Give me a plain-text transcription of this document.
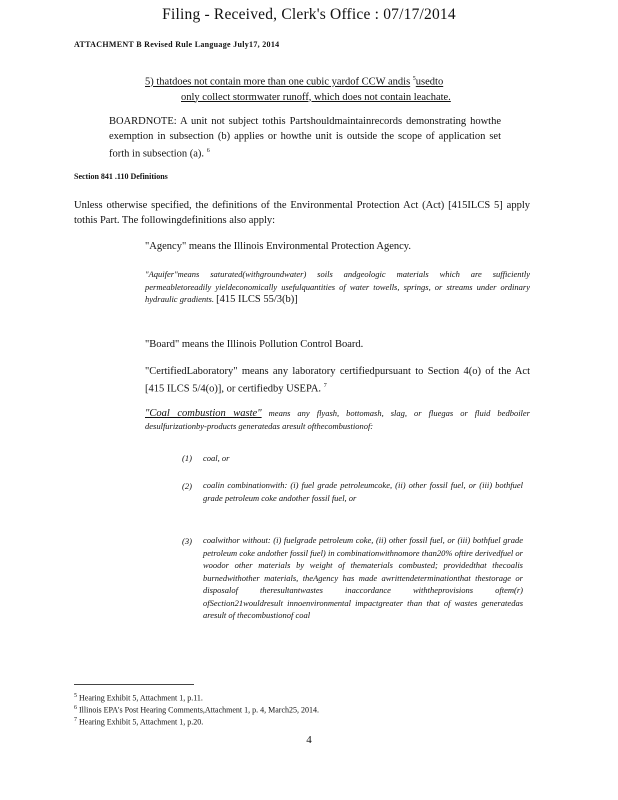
Filing - Received, Clerk's Office : 07/17/2014
ATTACHMENT B Revised Rule Language July17, 2014
5) thatdoes not contain more than one cubic yardof CCW andis $^5$usedto
only collect stormwater runoff, which does not contain leachate.
BOARDNOTE: A unit not subject tothis Partshouldmaintainrecords demonstrating howthe exemption in subsection (b) applies or howthe unit is outside the scope of application set forth in subsection (a). $^6$
Section 841 .110 Definitions
Unless otherwise specified, the definitions of the Environmental Protection Act (Act) [415ILCS 5] apply tothis Part. The followingdefinitions also apply:
"Agency" means the Illinois Environmental Protection Agency.
"Aquifer"means saturated(withgroundwater) soils andgeologic materials which are sufficiently permeabletoreadily yieldeconomically usefulquantities of water towells, springs, or streams under ordinary hydraulic gradients. [415 ILCS 55/3(b)]
"Board" means the Illinois Pollution Control Board.
"CertifiedLaboratory" means any laboratory certifiedpursuant to Section 4(o) of the Act [415 ILCS 5/4(o)], or certifiedby USEPA. $^7$
"Coal combustion waste" means any flyash, bottomash, slag, or fluegas or fluid bedboiler desulfurizationby-products generatedas aresult ofthecombustionof:
(1) coal, or
(2) coalin combinationwith: (i) fuel grade petroleumcoke, (ii) other fossil fuel, or (iii) bothfuel grade petroleum coke andother fossil fuel, or
(3) coalwithor without: (i) fuelgrade petroleum coke, (ii) other fossil fuel, or (iii) bothfuel grade petroleum coke andother fossil fuel) in combinationwithnomore than20% oftire derivedfuel or woodor other materials by weight of thematerials combusted; providedthat thecoalis burnedwithother materials, theAgency has made awrittendeterminationthat thestorage or disposalof theresultantwastes inaccordance withtheprovisions oftem(r) ofSection21wouldresult innoenvironmental impactgreater than that of wastes generatedas aresult of thecombustionof coal
$^5$ Hearing Exhibit 5, Attachment 1, p.11.
$^6$ Illinois EPA's Post Hearing Comments,Attachment 1, p. 4, March25, 2014.
$^7$ Hearing Exhibit 5, Attachment 1, p.20.
4
